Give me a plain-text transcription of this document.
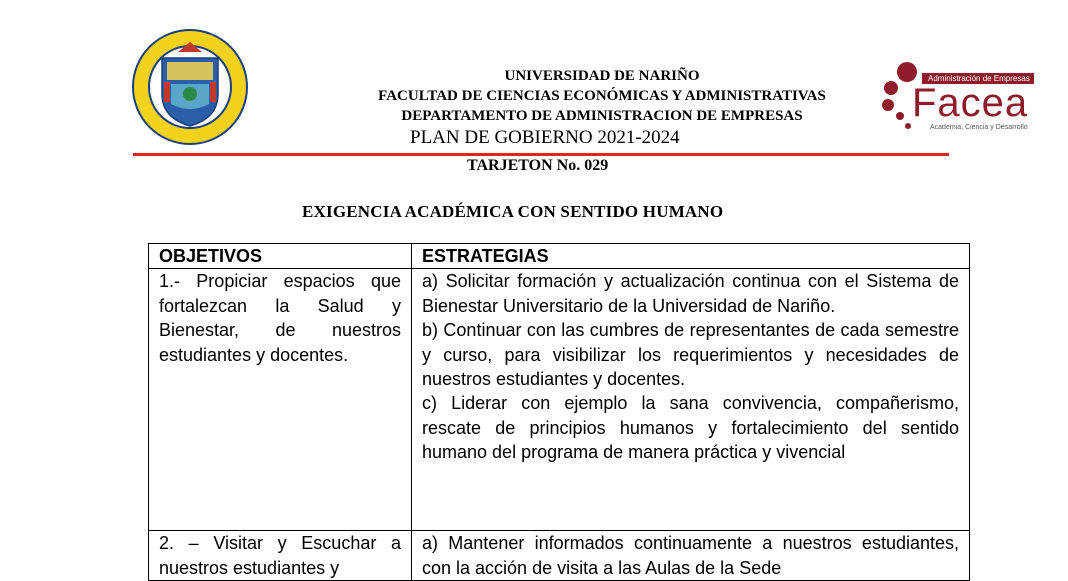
UNIVERSIDAD DE NARIÑO
FACULTAD DE CIENCIAS ECONÓMICAS Y ADMINISTRATIVAS
DEPARTAMENTO DE ADMINISTRACION DE EMPRESAS
PLAN DE GOBIERNO 2021-2024
TARJETON No. 029
Administración de Empresas
Facea
Academia, Ciencia y Desarrollo
EXIGENCIA ACADÉMICA CON SENTIDO HUMANO
OBJETIVOS	ESTRATEGIAS
1.- Propiciar espacios que fortalezcan la Salud y Bienestar, de nuestros estudiantes y docentes.	a) Solicitar formación y actualización continua con el Sistema de Bienestar Universitario de la Universidad de Nariño.

b) Continuar con las cumbres de representantes de cada semestre y curso, para visibilizar los requerimientos y necesidades de nuestros estudiantes y docentes.

c) Liderar con ejemplo la sana convivencia, compañerismo, rescate de principios humanos y fortalecimiento del sentido humano del programa de manera práctica y vivencial

2. – Visitar y Escuchar a nuestros estudiantes y	a) Mantener informados continuamente a nuestros estudiantes, con la acción de visita a las Aulas de la Sede
